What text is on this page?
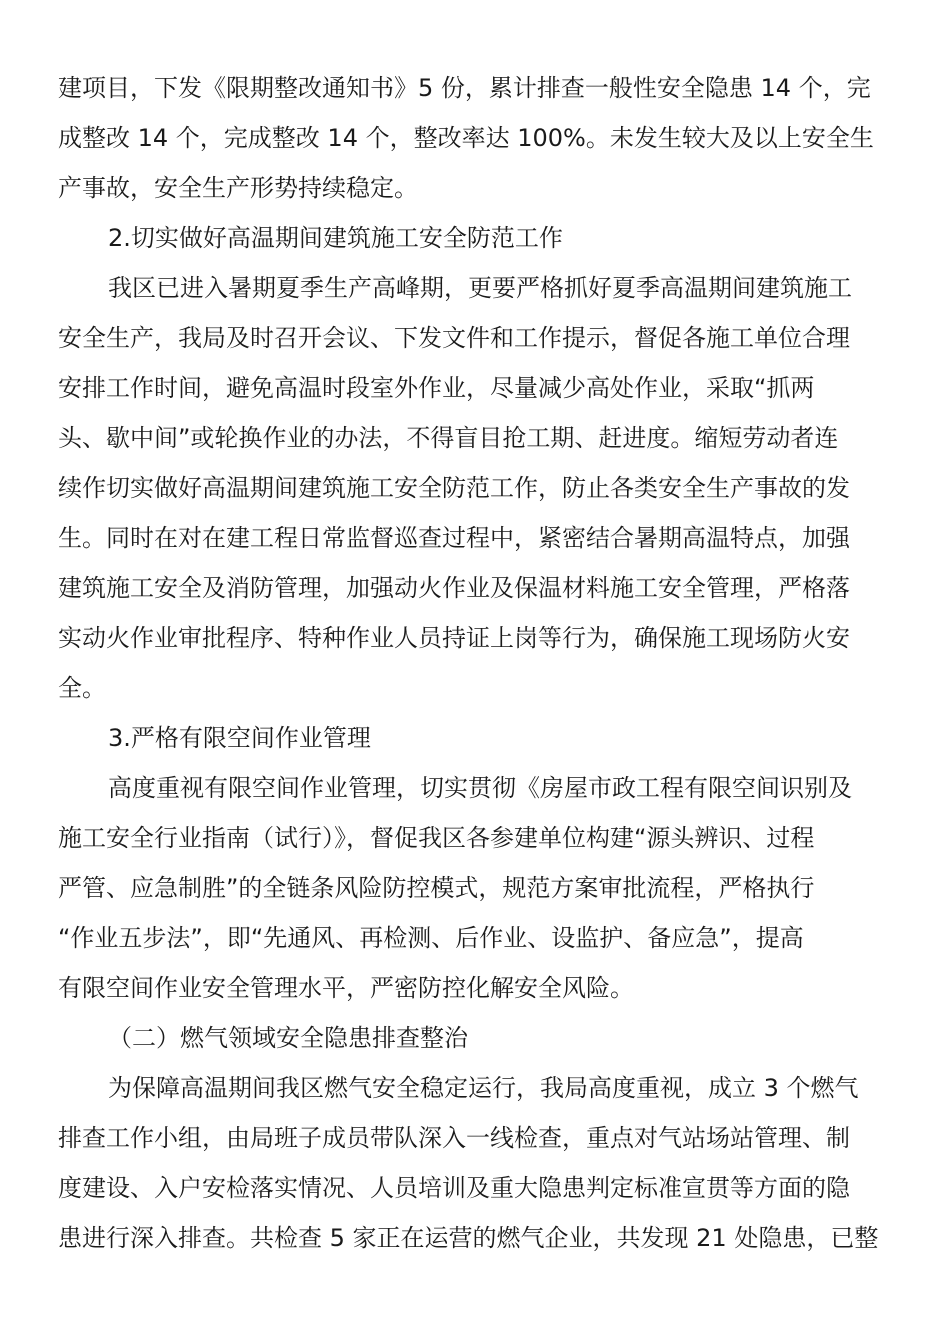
建项目，下发《限期整改通知书》5 份，累计排查一般性安全隐患 14 个，完
成整改 14 个，完成整改 14 个，整改率达 100%。未发生较大及以上安全生
产事故，安全生产形势持续稳定。
2.切实做好高温期间建筑施工安全防范工作
我区已进入暑期夏季生产高峰期，更要严格抓好夏季高温期间建筑施工
安全生产，我局及时召开会议、下发文件和工作提示，督促各施工单位合理
安排工作时间，避免高温时段室外作业，尽量减少高处作业，采取“抓两
头、歇中间”或轮换作业的办法，不得盲目抢工期、赶进度。缩短劳动者连
续作切实做好高温期间建筑施工安全防范工作，防止各类安全生产事故的发
生。同时在对在建工程日常监督巡查过程中，紧密结合暑期高温特点，加强
建筑施工安全及消防管理，加强动火作业及保温材料施工安全管理，严格落
实动火作业审批程序、特种作业人员持证上岗等行为，确保施工现场防火安
全。
3.严格有限空间作业管理
高度重视有限空间作业管理，切实贯彻《房屋市政工程有限空间识别及
施工安全行业指南（试行）》，督促我区各参建单位构建“源头辨识、过程
严管、应急制胜”的全链条风险防控模式，规范方案审批流程，严格执行
“作业五步法”，即“先通风、再检测、后作业、设监护、备应急”，提高
有限空间作业安全管理水平，严密防控化解安全风险。
（二）燃气领域安全隐患排查整治
为保障高温期间我区燃气安全稳定运行，我局高度重视，成立 3 个燃气
排查工作小组，由局班子成员带队深入一线检查，重点对气站场站管理、制
度建设、入户安检落实情况、人员培训及重大隐患判定标准宣贯等方面的隐
患进行深入排查。共检查 5 家正在运营的燃气企业，共发现 21 处隐患，已整
